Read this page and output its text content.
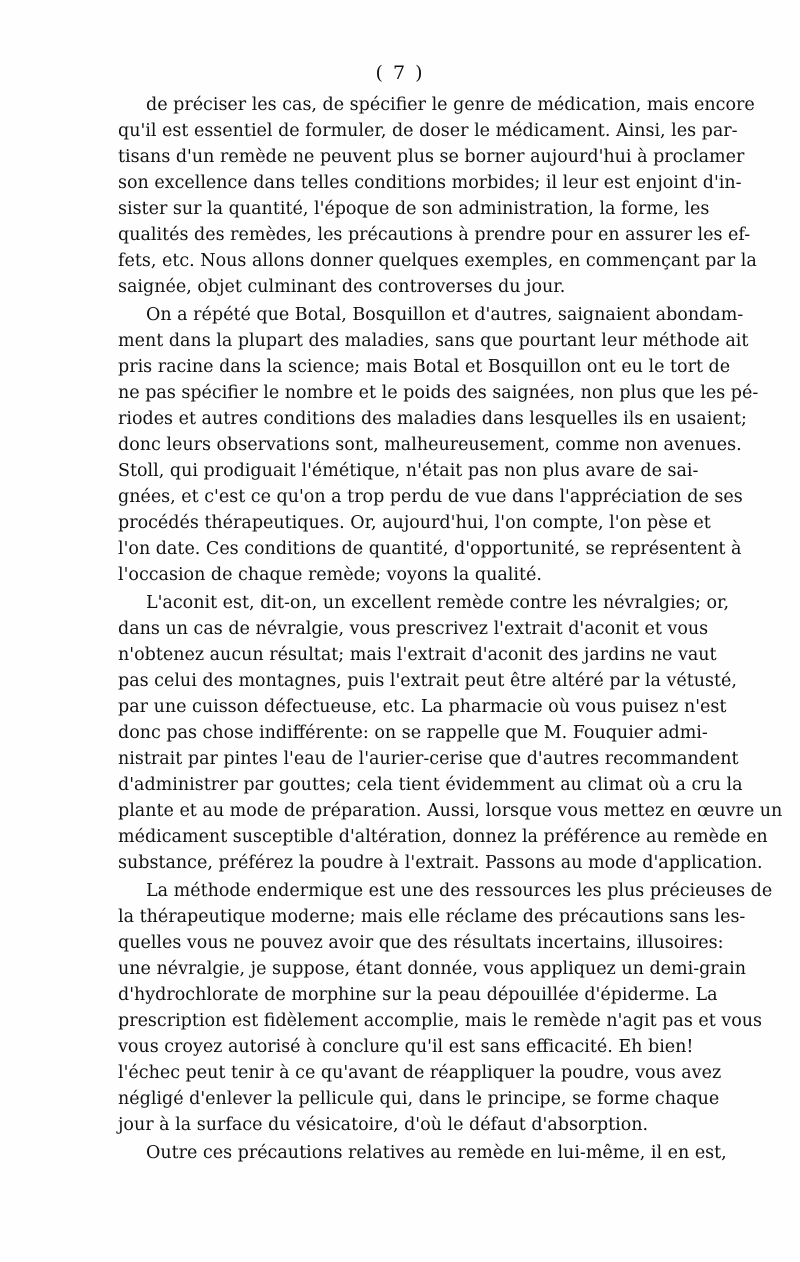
( 7 )

de préciser les cas, de spécifier le genre de médication, mais encore
qu'il est essentiel de formuler, de doser le médicament. Ainsi, les par-
tisans d'un remède ne peuvent plus se borner aujourd'hui à proclamer
son excellence dans telles conditions morbides; il leur est enjoint d'in-
sister sur la quantité, l'époque de son administration, la forme, les
qualités des remèdes, les précautions à prendre pour en assurer les ef-
fets, etc. Nous allons donner quelques exemples, en commençant par la
saignée, objet culminant des controverses du jour.

On a répété que Botal, Bosquillon et d'autres, saignaient abondam-
ment dans la plupart des maladies, sans que pourtant leur méthode ait
pris racine dans la science; mais Botal et Bosquillon ont eu le tort de
ne pas spécifier le nombre et le poids des saignées, non plus que les pé-
riodes et autres conditions des maladies dans lesquelles ils en usaient;
donc leurs observations sont, malheureusement, comme non avenues.
Stoll, qui prodiguait l'émétique, n'était pas non plus avare de sai-
gnées, et c'est ce qu'on a trop perdu de vue dans l'appréciation de ses
procédés thérapeutiques. Or, aujourd'hui, l'on compte, l'on pèse et
l'on date. Ces conditions de quantité, d'opportunité, se représentent à
l'occasion de chaque remède; voyons la qualité.

L'aconit est, dit-on, un excellent remède contre les névralgies; or,
dans un cas de névralgie, vous prescrivez l'extrait d'aconit et vous
n'obtenez aucun résultat; mais l'extrait d'aconit des jardins ne vaut
pas celui des montagnes, puis l'extrait peut être altéré par la vétusté,
par une cuisson défectueuse, etc. La pharmacie où vous puisez n'est
donc pas chose indifférente: on se rappelle que M. Fouquier admi-
nistrait par pintes l'eau de l'aurier-cerise que d'autres recommandent
d'administrer par gouttes; cela tient évidemment au climat où a cru la
plante et au mode de préparation. Aussi, lorsque vous mettez en œuvre un
médicament susceptible d'altération, donnez la préférence au remède en
substance, préférez la poudre à l'extrait. Passons au mode d'application.

La méthode endermique est une des ressources les plus précieuses de
la thérapeutique moderne; mais elle réclame des précautions sans les-
quelles vous ne pouvez avoir que des résultats incertains, illusoires:
une névralgie, je suppose, étant donnée, vous appliquez un demi-grain
d'hydrochlorate de morphine sur la peau dépouillée d'épiderme. La
prescription est fidèlement accomplie, mais le remède n'agit pas et vous
vous croyez autorisé à conclure qu'il est sans efficacité. Eh bien!
l'échec peut tenir à ce qu'avant de réappliquer la poudre, vous avez
négligé d'enlever la pellicule qui, dans le principe, se forme chaque
jour à la surface du vésicatoire, d'où le défaut d'absorption.

Outre ces précautions relatives au remède en lui-même, il en est,
